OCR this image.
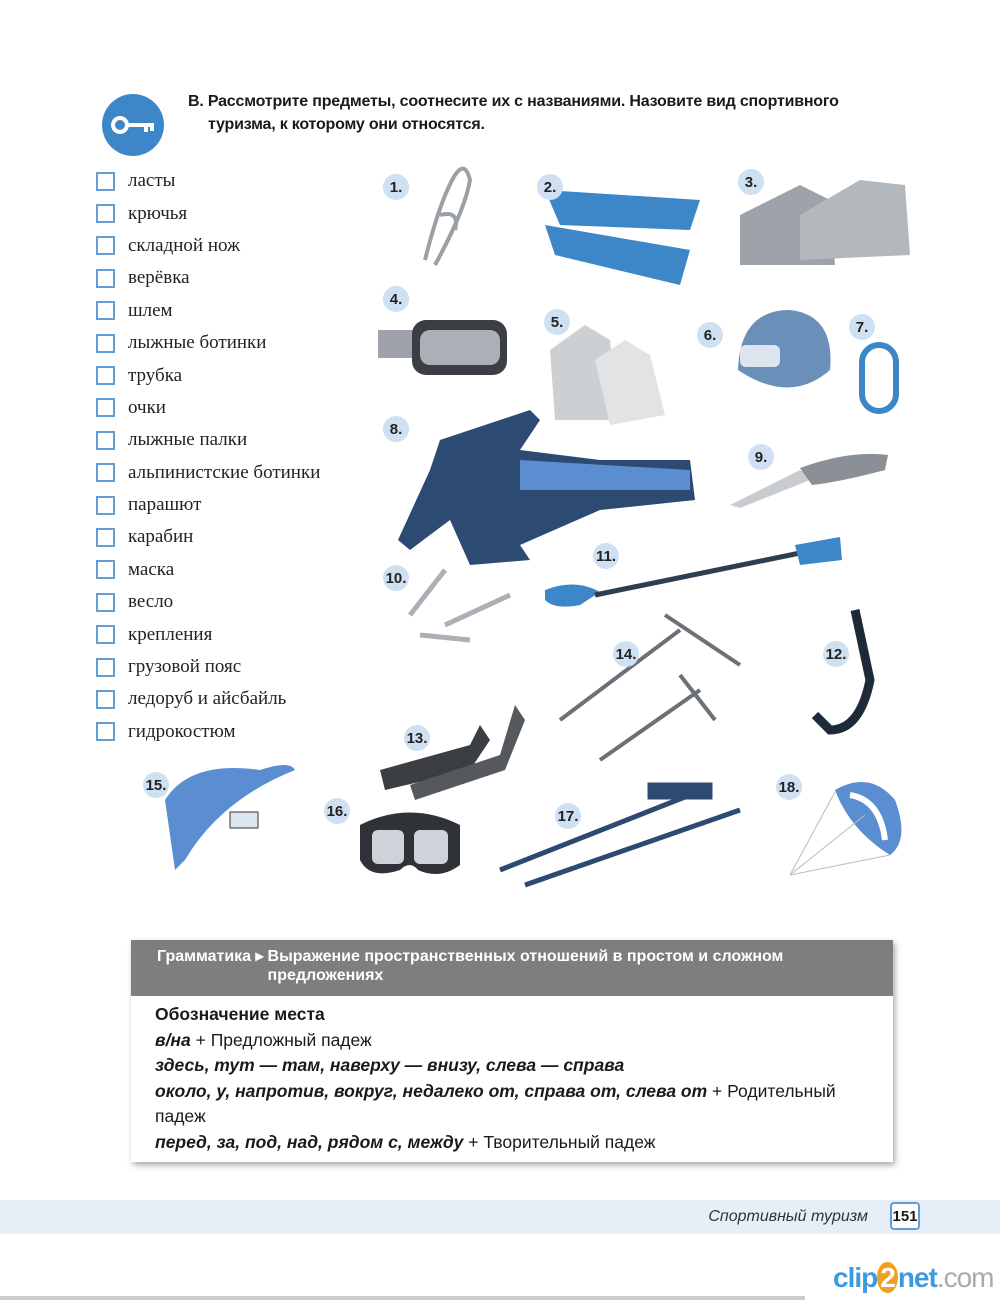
B. Рассмотрите предметы, соотнесите их с названиями. Назовите вид спортивного
туризма, к которому они относятся.
ласты
крючья
складной нож
верёвка
шлем
лыжные ботинки
трубка
очки
лыжные палки
альпинистские ботинки
парашют
карабин
маска
весло
крепления
грузовой пояс
ледоруб и айсбайль
гидрокостюм
1.	2.	3.
4.
5.
6.	7.
8.
9.
10.
11.
12.
13.
14.
15.
16.	17.
18.
Грамматика ▸ Выражение пространственных отношений в простом и сложном предложениях
Обозначение места
в/на + Предложный падеж
здесь, тут — там, наверху — внизу, слева — справа
около, у, напротив, вокруг, недалеко от, справа от, слева от + Родительный падеж
перед, за, под, над, рядом с, между + Творительный падеж
Спортивный туризм 151
clip 2 net.com
